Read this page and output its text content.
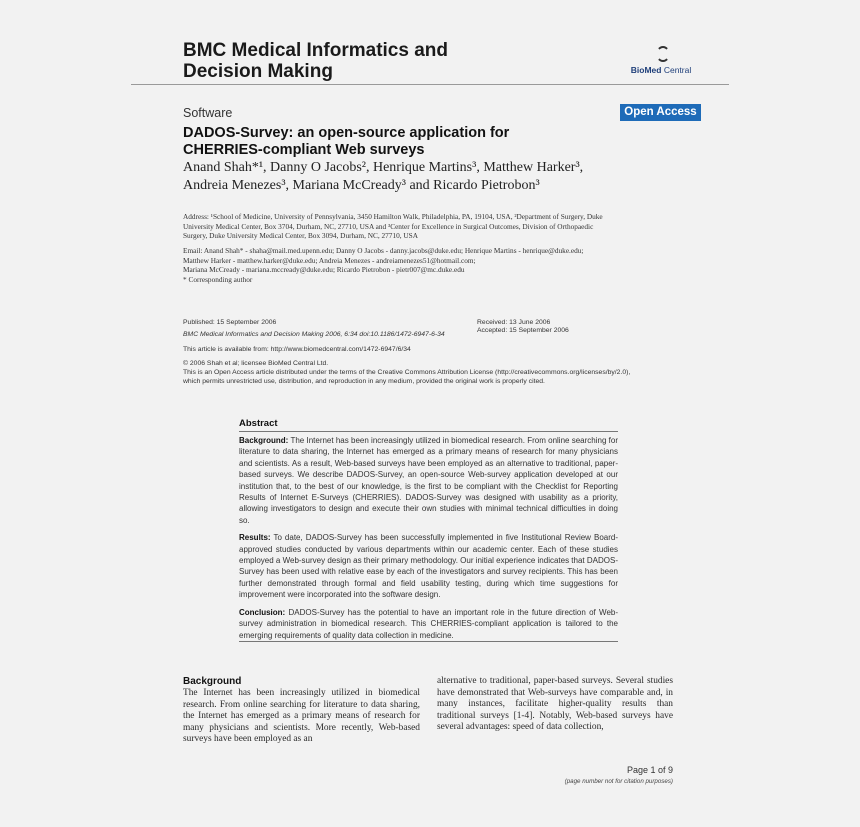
BMC Medical Informatics and
Decision Making	BioMed Central
Software	Open Access
DADOS-Survey: an open-source application for
CHERRIES-compliant Web surveys
Anand Shah*¹, Danny O Jacobs², Henrique Martins³, Matthew Harker³,
Andreia Menezes³, Mariana McCready³ and Ricardo Pietrobon³
Address: ¹School of Medicine, University of Pennsylvania, 3450 Hamilton Walk, Philadelphia, PA, 19104, USA, ²Department of Surgery, Duke
University Medical Center, Box 3704, Durham, NC, 27710, USA and ³Center for Excellence in Surgical Outcomes, Division of Orthopaedic
Surgery, Duke University Medical Center, Box 3094, Durham, NC, 27710, USA
Email: Anand Shah* - shaha@mail.med.upenn.edu; Danny O Jacobs - danny.jacobs@duke.edu; Henrique Martins - henrique@duke.edu;
Matthew Harker - matthew.harker@duke.edu; Andreia Menezes - andreiamenezes51@hotmail.com;
Mariana McCready - mariana.mccready@duke.edu; Ricardo Pietrobon - pietr007@mc.duke.edu
* Corresponding author
Published: 15 September 2006
BMC Medical Informatics and Decision Making 2006, 6:34 doi:10.1186/1472-6947-6-34
Received: 13 June 2006
Accepted: 15 September 2006
This article is available from: http://www.biomedcentral.com/1472-6947/6/34
© 2006 Shah et al; licensee BioMed Central Ltd.
This is an Open Access article distributed under the terms of the Creative Commons Attribution License (http://creativecommons.org/licenses/by/2.0),
which permits unrestricted use, distribution, and reproduction in any medium, provided the original work is properly cited.
Abstract
Background: The Internet has been increasingly utilized in biomedical research. From online searching for literature to data sharing, the Internet has emerged as a primary means of research for many physicians and scientists. As a result, Web-based surveys have been employed as an alternative to traditional, paper-based surveys. We describe DADOS-Survey, an open-source Web-survey application developed at our institution that, to the best of our knowledge, is the first to be compliant with the Checklist for Reporting Results of Internet E-Surveys (CHERRIES). DADOS-Survey was designed with usability as a priority, allowing investigators to design and execute their own studies with minimal technical difficulties in doing so.
Results: To date, DADOS-Survey has been successfully implemented in five Institutional Review Board-approved studies conducted by various departments within our academic center. Each of these studies employed a Web-survey design as their primary methodology. Our initial experience indicates that DADOS-Survey has been used with relative ease by each of the investigators and survey recipients. This has been further demonstrated through formal and field usability testing, during which time suggestions for improvement were incorporated into the software design.
Conclusion: DADOS-Survey has the potential to have an important role in the future direction of Web-survey administration in biomedical research. This CHERRIES-compliant application is tailored to the emerging requirements of quality data collection in medicine.
Background
The Internet has been increasingly utilized in biomedical research. From online searching for literature to data sharing, the Internet has emerged as a primary means of research for many physicians and scientists. More recently, Web-based surveys have been employed as an
alternative to traditional, paper-based surveys. Several studies have demonstrated that Web-surveys have comparable and, in many instances, facilitate higher-quality results than traditional surveys [1-4]. Notably, Web-based surveys have several advantages: speed of data collection,
Page 1 of 9
(page number not for citation purposes)
